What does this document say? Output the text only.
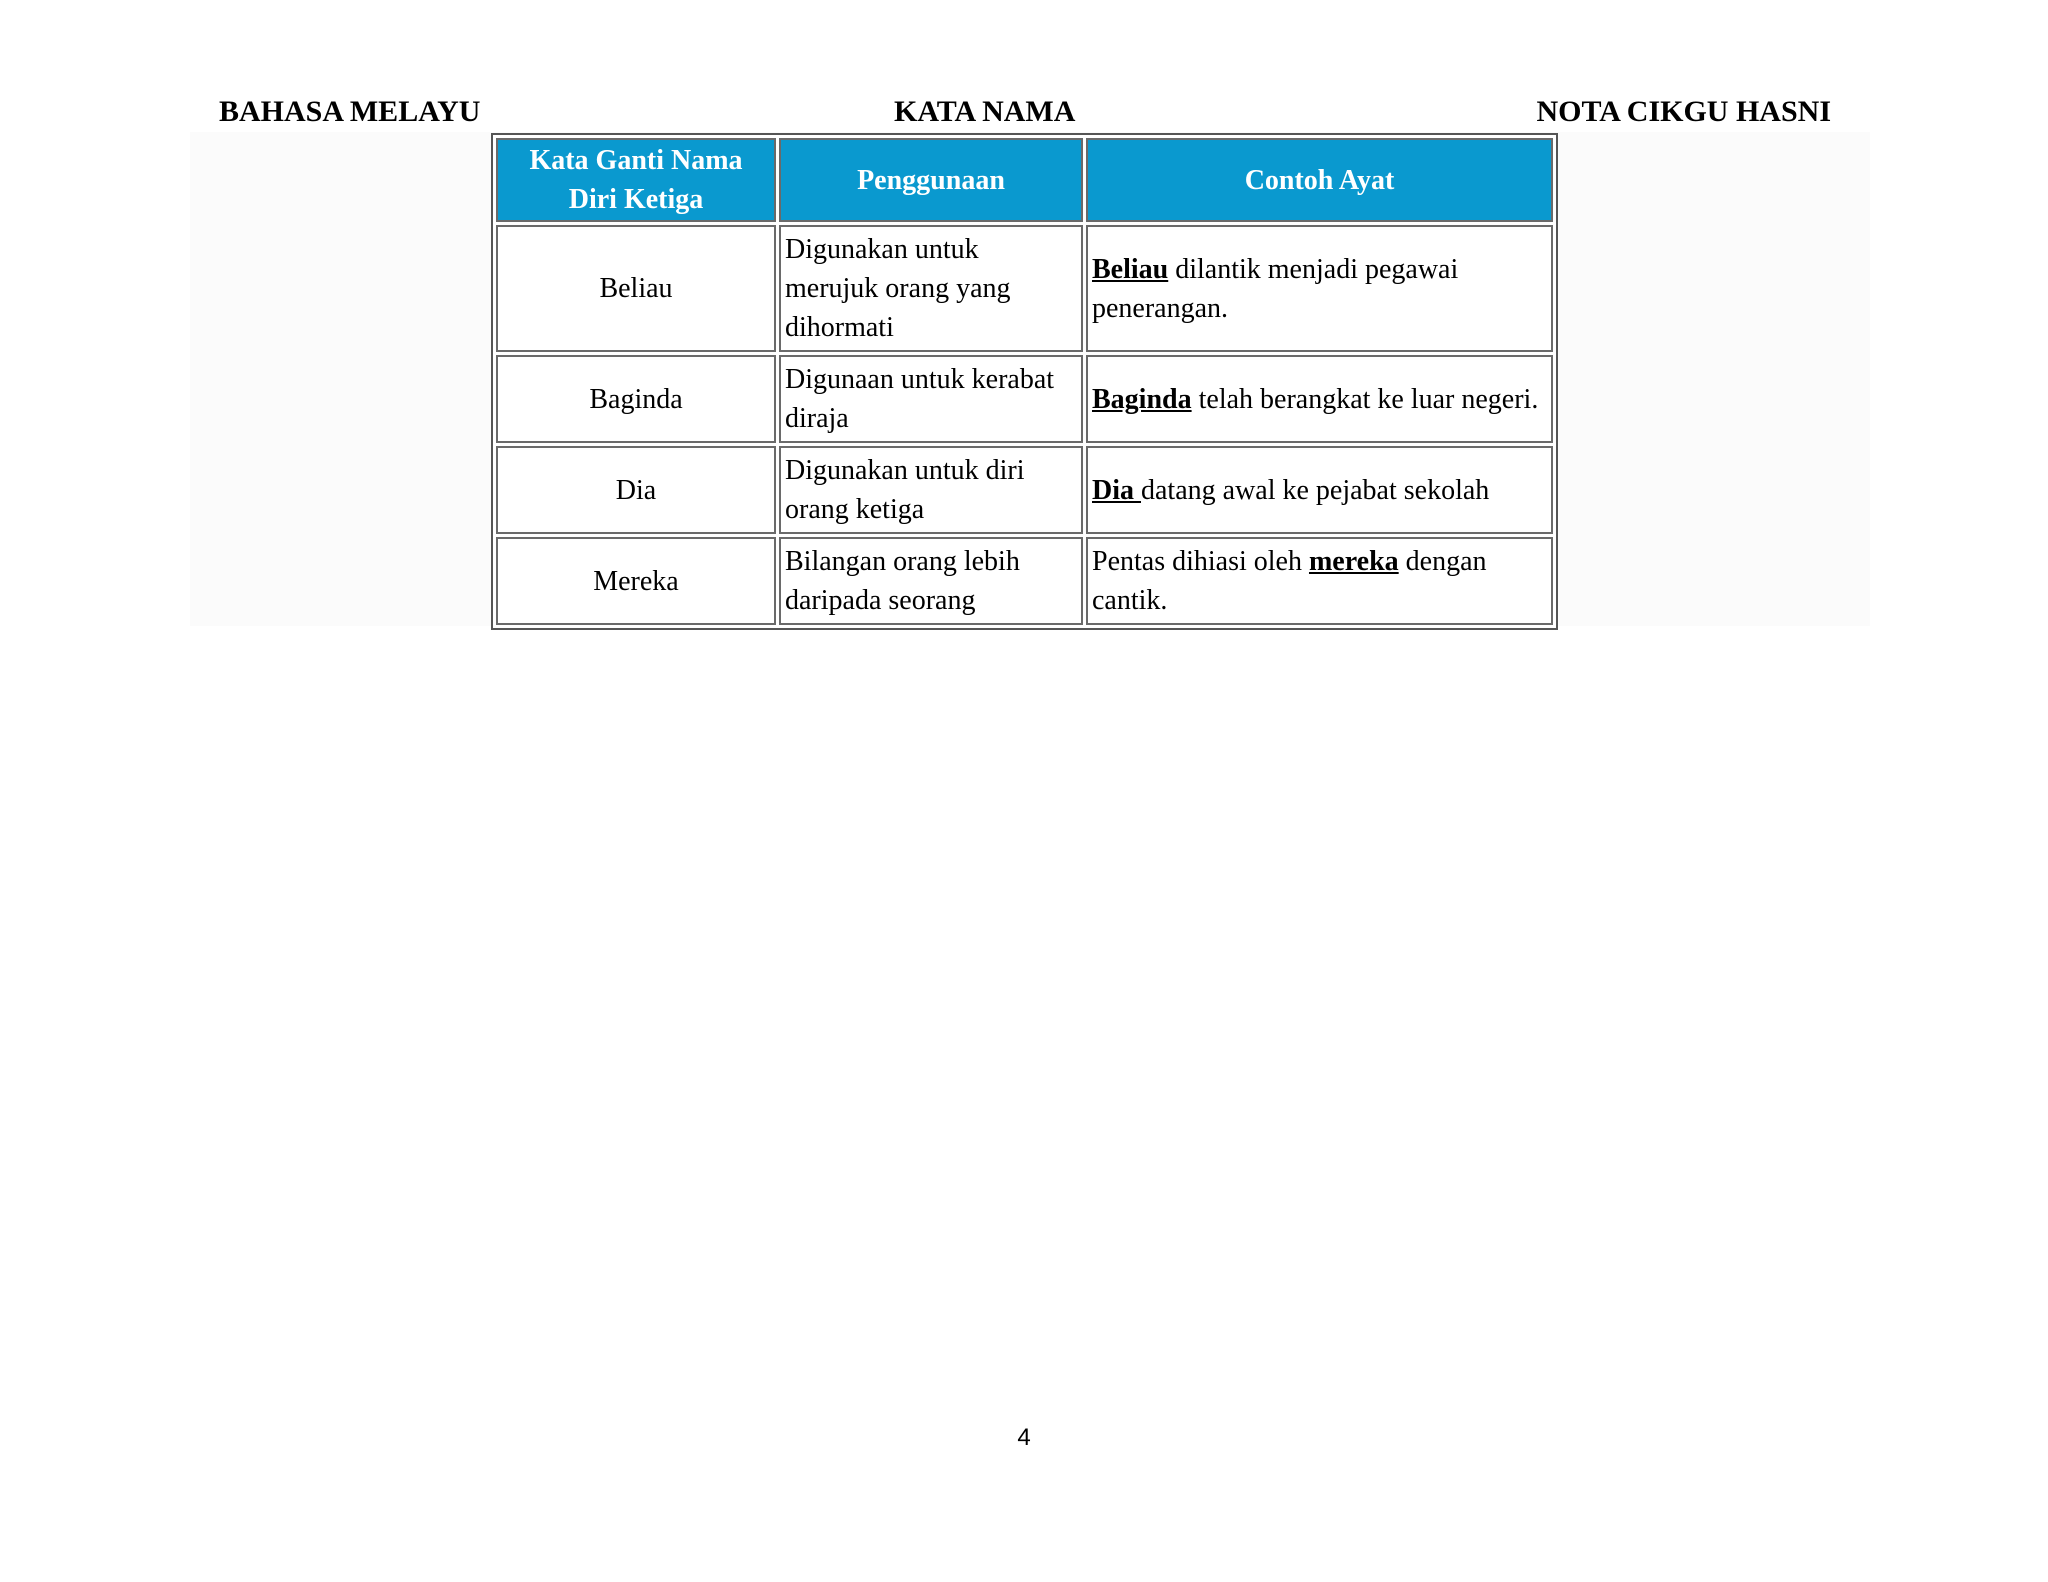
BAHASA MELAYU	KATA NAMA	NOTA CIKGU HASNI
Kata Ganti Nama Diri Ketiga	Penggunaan	Contoh Ayat
Beliau	Digunakan untuk merujuk orang yang dihormati	Beliau dilantik menjadi pegawai penerangan.
Baginda	Digunaan untuk kerabat diraja	Baginda telah berangkat ke luar negeri.
Dia	Digunakan untuk diri orang ketiga	Dia datang awal ke pejabat sekolah
Mereka	Bilangan orang lebih daripada seorang	Pentas dihiasi oleh mereka dengan cantik.
4
